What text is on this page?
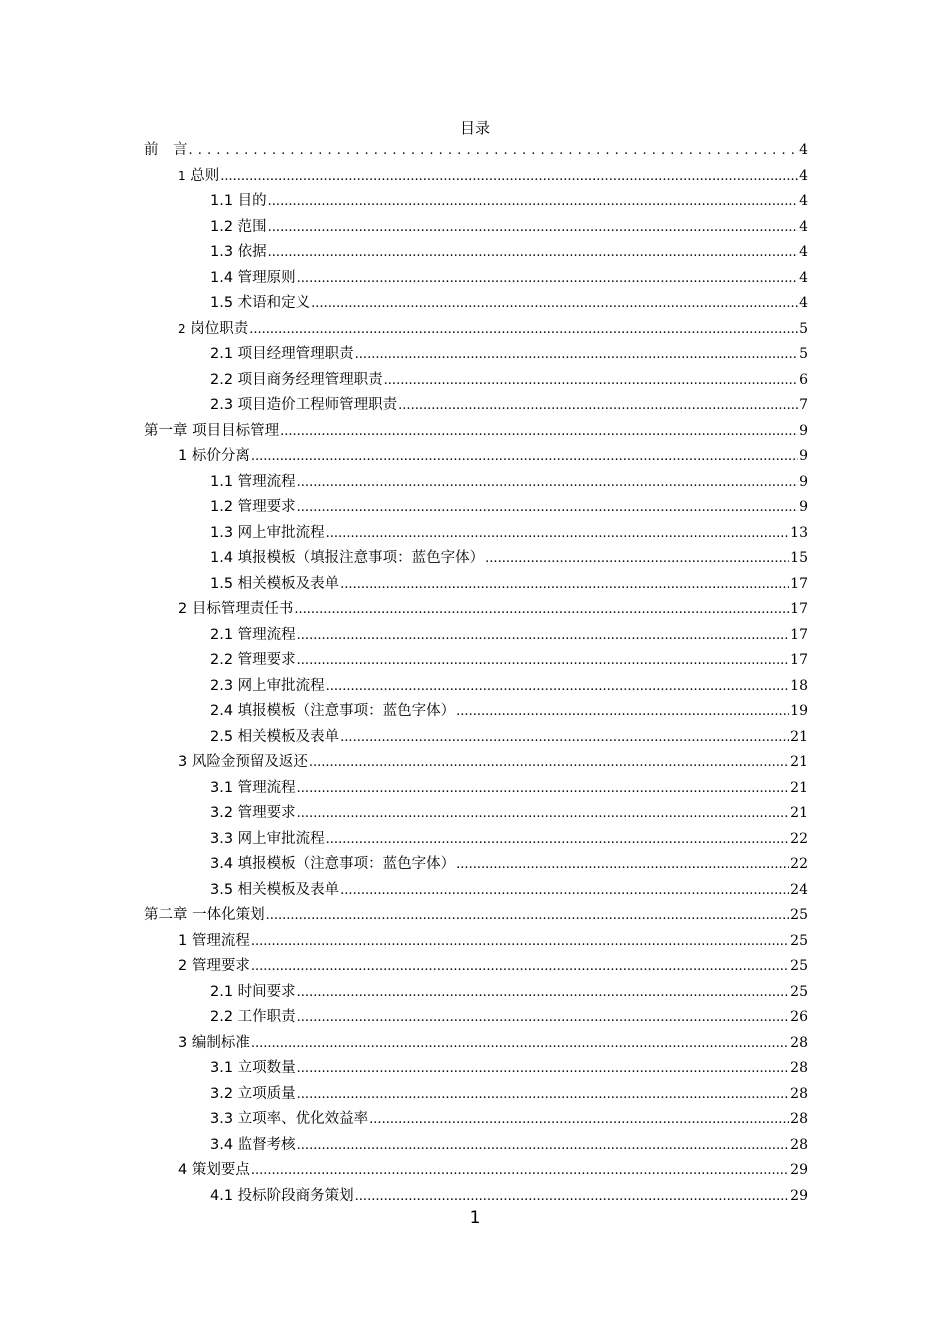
目录
前　言 . . .	4
1 总则 .....	4
1.1 目的 .....	4
1.2 范围 .....	4
1.3 依据 .....	4
1.4 管理原则 .....	4
1.5 术语和定义 .....	4
2 岗位职责 .....	5
2.1 项目经理管理职责 .....	5
2.2 项目商务经理管理职责 .....	6
2.3 项目造价工程师管理职责 .....	7
第一章 项目目标管理 .....	9
1 标价分离 .....	9
1.1 管理流程 .....	9
1.2 管理要求 .....	9
1.3 网上审批流程 .....	13
1.4 填报模板（填报注意事项：蓝色字体） .....	15
1.5 相关模板及表单 .....	17
2 目标管理责任书 .....	17
2.1 管理流程 .....	17
2.2 管理要求 .....	17
2.3 网上审批流程 .....	18
2.4 填报模板（注意事项：蓝色字体） .....	19
2.5 相关模板及表单 .....	21
3 风险金预留及返还 .....	21
3.1 管理流程 .....	21
3.2 管理要求 .....	21
3.3 网上审批流程 .....	22
3.4 填报模板（注意事项：蓝色字体） .....	22
3.5 相关模板及表单 .....	24
第二章 一体化策划 .....	25
1 管理流程 .....	25
2 管理要求 .....	25
2.1 时间要求 .....	25
2.2 工作职责 .....	26
3 编制标准 .....	28
3.1 立项数量 .....	28
3.2 立项质量 .....	28
3.3 立项率、优化效益率 .....	28
3.4 监督考核 .....	28
4 策划要点 .....	29
4.1 投标阶段商务策划 .....	29
1
